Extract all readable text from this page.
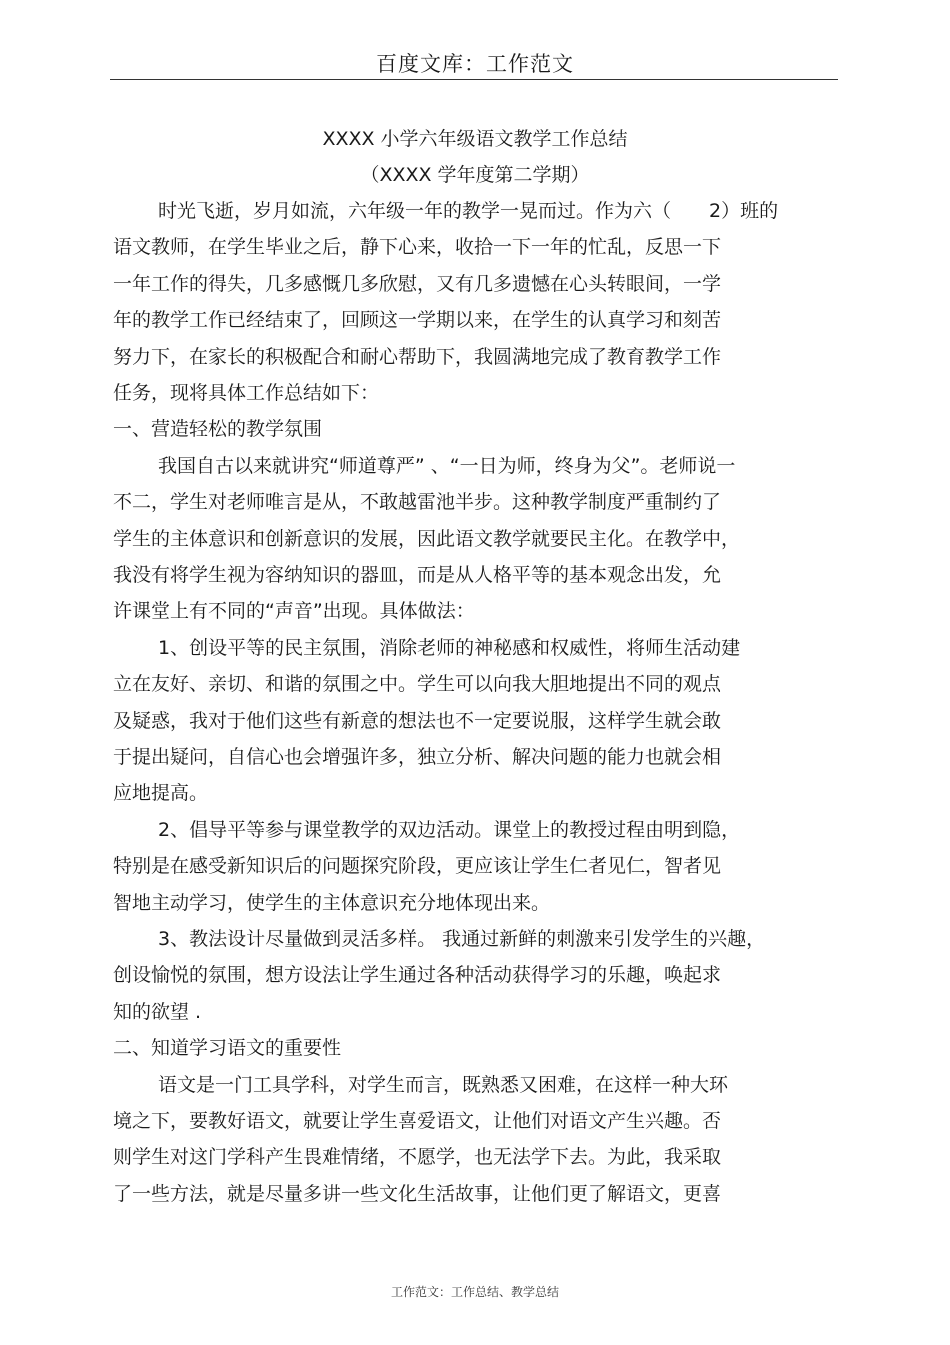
百度文库：工作范文
XXXX 小学六年级语文教学工作总结
（XXXX 学年度第二学期）
时光飞逝，岁月如流，六年级一年的教学一晃而过。作为六（　　2）班的
语文教师，在学生毕业之后，静下心来，收拾一下一年的忙乱，反思一下
一年工作的得失，几多感慨几多欣慰，又有几多遗憾在心头转眼间，一学
年的教学工作已经结束了，回顾这一学期以来，在学生的认真学习和刻苦
努力下，在家长的积极配合和耐心帮助下，我圆满地完成了教育教学工作
任务，现将具体工作总结如下：
一、营造轻松的教学氛围
我国自古以来就讲究“师道尊严” 、“一日为师，终身为父”。老师说一
不二，学生对老师唯言是从，不敢越雷池半步。这种教学制度严重制约了
学生的主体意识和创新意识的发展，因此语文教学就要民主化。在教学中，
我没有将学生视为容纳知识的器皿，而是从人格平等的基本观念出发，允
许课堂上有不同的“声音”出现。具体做法：
1、创设平等的民主氛围，消除老师的神秘感和权威性，将师生活动建
立在友好、亲切、和谐的氛围之中。学生可以向我大胆地提出不同的观点
及疑惑，我对于他们这些有新意的想法也不一定要说服，这样学生就会敢
于提出疑问，自信心也会增强许多，独立分析、解决问题的能力也就会相
应地提高。
2、倡导平等参与课堂教学的双边活动。课堂上的教授过程由明到隐，
特别是在感受新知识后的问题探究阶段，更应该让学生仁者见仁，智者见
智地主动学习，使学生的主体意识充分地体现出来。
3、教法设计尽量做到灵活多样。 我通过新鲜的刺激来引发学生的兴趣，
创设愉悦的氛围，想方设法让学生通过各种活动获得学习的乐趣，唤起求
知的欲望 .
二、知道学习语文的重要性
语文是一门工具学科，对学生而言，既熟悉又困难，在这样一种大环
境之下，要教好语文，就要让学生喜爱语文，让他们对语文产生兴趣。否
则学生对这门学科产生畏难情绪，不愿学，也无法学下去。为此，我采取
了一些方法，就是尽量多讲一些文化生活故事，让他们更了解语文，更喜
工作范文：工作总结、教学总结
